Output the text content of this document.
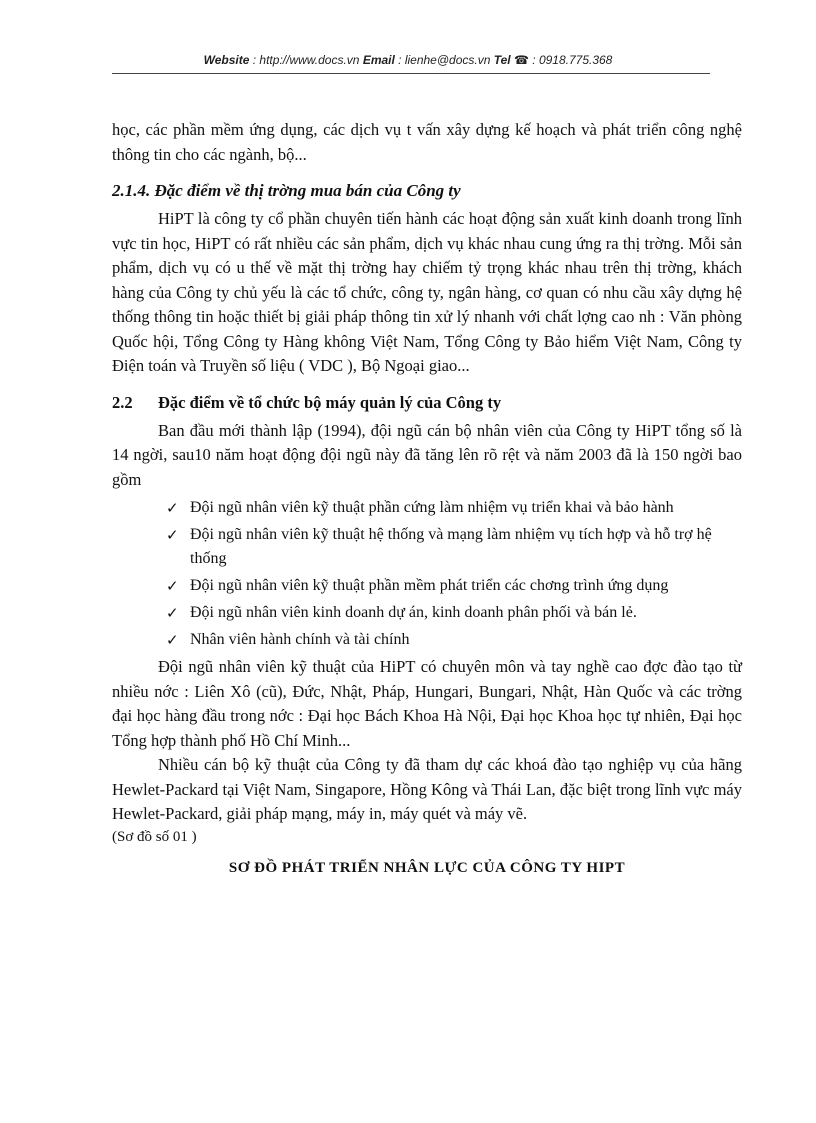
Website : http://www.docs.vn Email : lienhe@docs.vn Tel ☎ : 0918.775.368

học, các phần mềm ứng dụng, các dịch vụ t vấn xây dựng kế hoạch và phát triển công nghệ thông tin cho các ngành, bộ...

2.1.4. Đặc điểm về thị trờng mua bán của Công ty

HiPT là công ty cổ phần chuyên tiến hành các hoạt động sản xuất kinh doanh trong lĩnh vực tin học, HiPT có rất nhiều các sản phẩm, dịch vụ khác nhau cung ứng ra thị trờng. Mỗi sản phẩm, dịch vụ có u thế về mặt thị trờng hay chiếm tỷ trọng khác nhau trên thị trờng, khách hàng của Công ty chủ yếu là các tổ chức, công ty, ngân hàng, cơ quan có nhu cầu xây dựng hệ thống thông tin hoặc thiết bị giải pháp thông tin xử lý nhanh với chất lợng cao nh : Văn phòng Quốc hội, Tổng Công ty Hàng không Việt Nam, Tổng Công ty Bảo hiểm Việt Nam, Công ty Điện toán và Truyền số liệu ( VDC ), Bộ Ngoại giao...

2.2	Đặc điểm về tổ chức bộ máy quản lý của Công ty

Ban đầu mới thành lập (1994), đội ngũ cán bộ nhân viên của Công ty HiPT tổng số là 14 ngời, sau10 năm hoạt động đội ngũ này đã tăng lên rõ rệt và năm 2003 đã là 150 ngời bao gồm

✓ Đội ngũ nhân viên kỹ thuật phần cứng làm nhiệm vụ triển khai và bảo hành
✓ Đội ngũ nhân viên kỹ thuật hệ thống và mạng làm nhiệm vụ tích hợp và hỗ trợ hệ thống
✓ Đội ngũ nhân viên kỹ thuật phần mềm phát triển các chơng trình ứng dụng
✓ Đội ngũ nhân viên kinh doanh dự án, kinh doanh phân phối và bán lẻ.
✓ Nhân viên hành chính và tài chính

Đội ngũ nhân viên kỹ thuật của HiPT có chuyên môn và tay nghề cao đợc đào tạo từ nhiều nớc : Liên Xô (cũ), Đức, Nhật, Pháp, Hungari, Bungari, Nhật, Hàn Quốc và các trờng đại học hàng đầu trong nớc : Đại học Bách Khoa Hà Nội, Đại học Khoa học tự nhiên, Đại học Tổng hợp thành phố Hồ Chí Minh...

Nhiều cán bộ kỹ thuật của Công ty đã tham dự các khoá đào tạo nghiệp vụ của hãng Hewlet-Packard tại Việt Nam, Singapore, Hồng Kông và Thái Lan, đặc biệt trong lĩnh vực máy Hewlet-Packard, giải pháp mạng, máy in, máy quét và máy vẽ.

(Sơ đồ số 01 )
SƠ ĐỒ PHÁT TRIỂN NHÂN LỰC CỦA CÔNG TY HIPT
